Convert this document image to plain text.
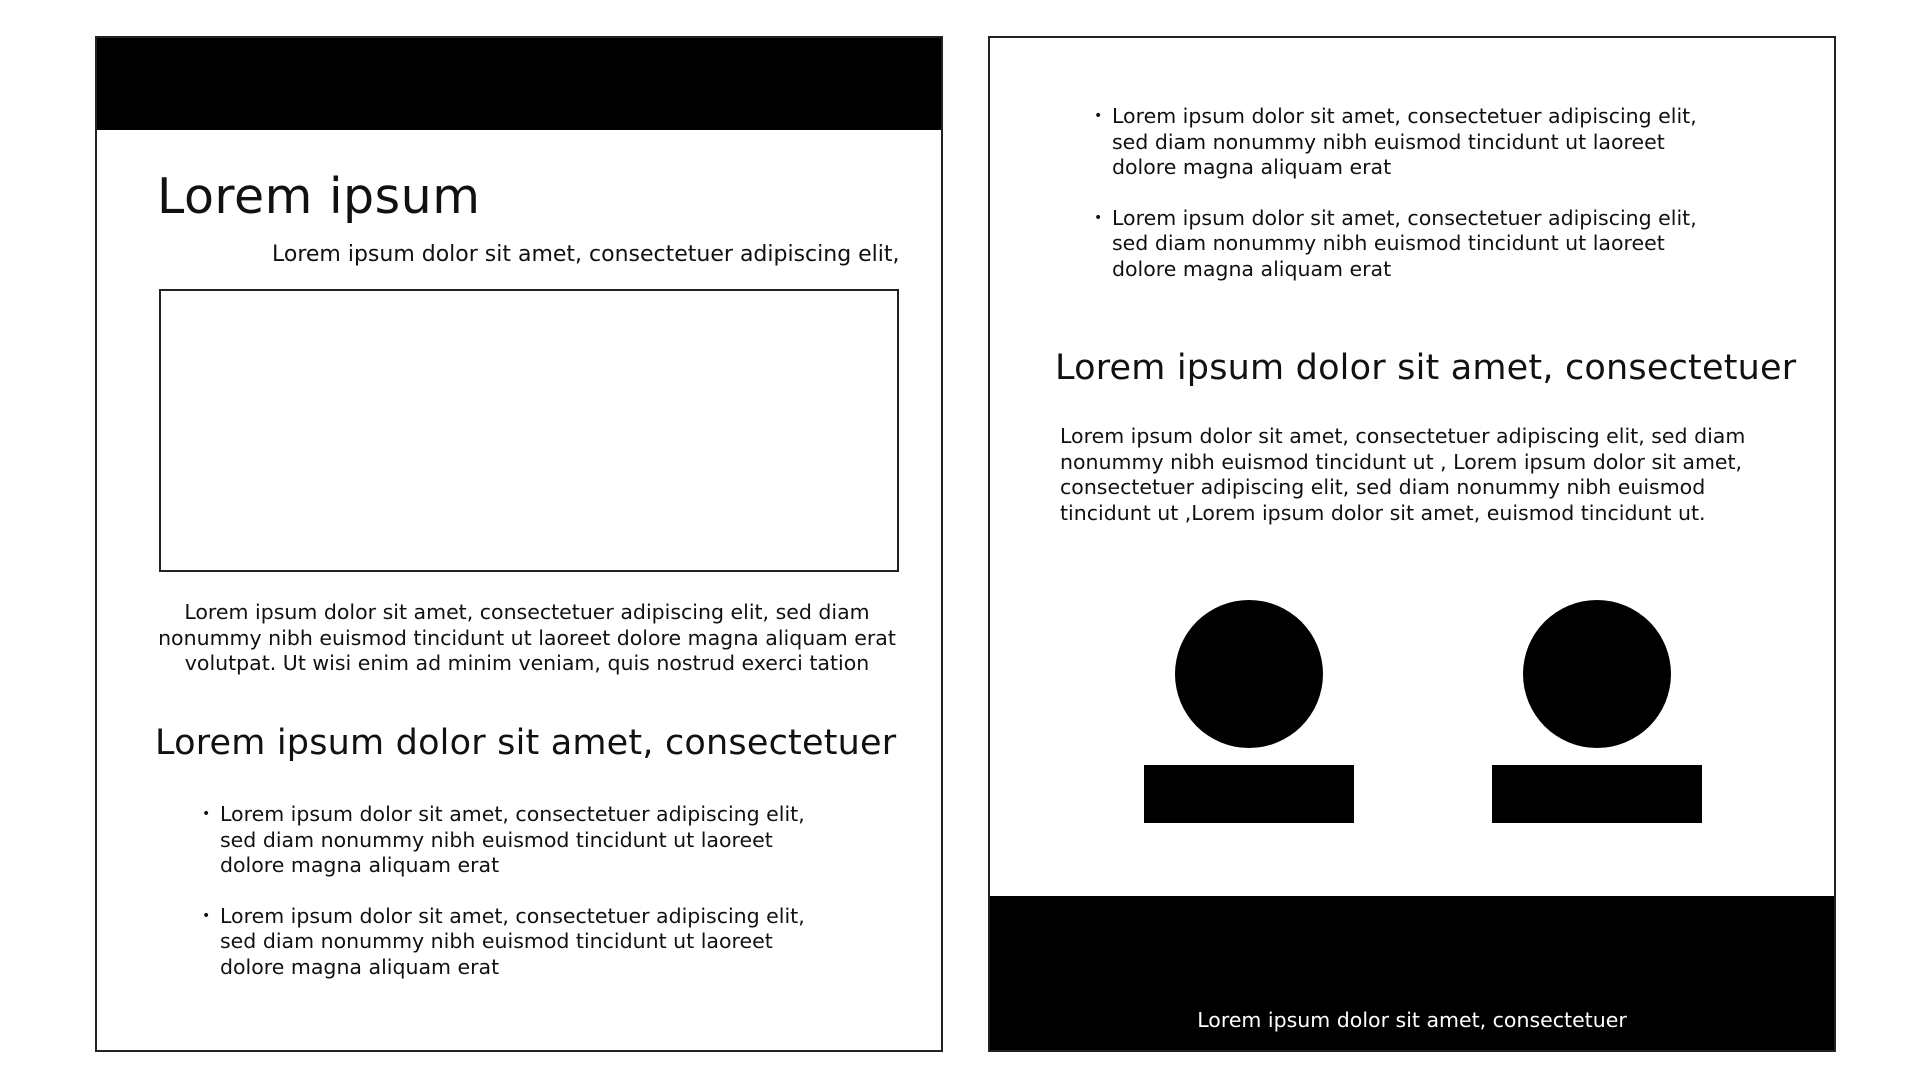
Lorem ipsum
Lorem ipsum dolor sit amet, consectetuer adipiscing elit,

Lorem ipsum dolor sit amet, consectetuer adipiscing elit, sed diam nonummy nibh euismod tincidunt ut laoreet dolore magna aliquam erat volutpat. Ut wisi enim ad minim veniam, quis nostrud exerci tation

Lorem ipsum dolor sit amet, consectetuer
• Lorem ipsum dolor sit amet, consectetuer adipiscing elit, sed diam nonummy nibh euismod tincidunt ut laoreet dolore magna aliquam erat
• Lorem ipsum dolor sit amet, consectetuer adipiscing elit, sed diam nonummy nibh euismod tincidunt ut laoreet dolore magna aliquam erat
• Lorem ipsum dolor sit amet, consectetuer adipiscing elit, sed diam nonummy nibh euismod tincidunt ut laoreet dolore magna aliquam erat
• Lorem ipsum dolor sit amet, consectetuer adipiscing elit, sed diam nonummy nibh euismod tincidunt ut laoreet dolore magna aliquam erat
Lorem ipsum dolor sit amet, consectetuer

Lorem ipsum dolor sit amet, consectetuer adipiscing elit, sed diam nonummy nibh euismod tincidunt ut , Lorem ipsum dolor sit amet, consectetuer adipiscing elit, sed diam nonummy nibh euismod tincidunt ut ,Lorem ipsum dolor sit amet, euismod tincidunt ut.

Lorem ipsum dolor sit amet, consectetuer
